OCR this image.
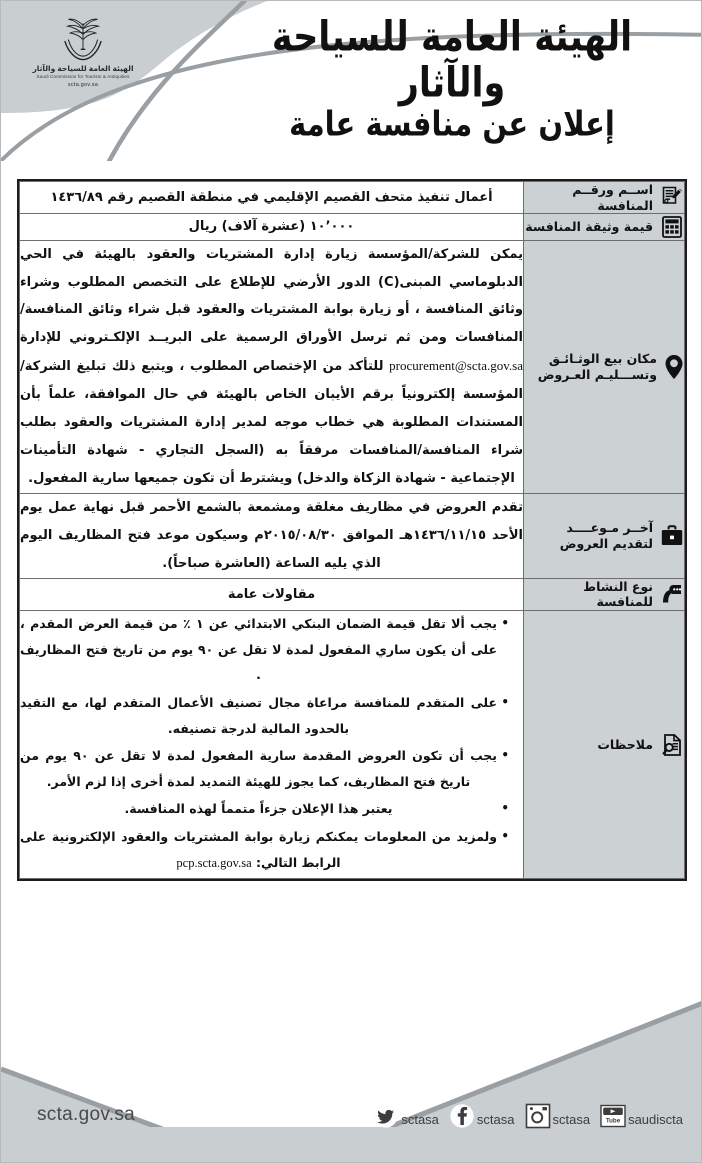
الهيئة العامة للسياحة والآثار
Saudi Commission for Tourism & Antiquities
scta.gov.sa
الهيئة العامة للسياحة والآثار
إعلان عن منافسة عامة
اســم ورقــم المنافسة	أعمال تنفيذ متحف القصيم الإقليمي في منطقة القصيم رقم ١٤٣٦/٨٩

قيمة وثيقة المنافسة	١٠٬٠٠٠ (عشرة آلاف) ريال

مكان بيع الوثـائـق وتســـليـم العـروض	يمكن للشركة/المؤسسة زيارة إدارة المشتريات والعقود بالهيئة في الحي الدبلوماسي المبنى(C) الدور الأرضي للإطلاع على التخصص المطلوب وشراء وثائق المنافسة ، أو زيارة بوابة المشتريات والعقود قبل شراء وثائق المنافسة/المنافسات ومن ثم ترسل الأوراق الرسمية على البريــد الإلكـتروني للإدارة procurement@scta.gov.sa للتأكد من الإختصاص المطلوب ، ويتبع ذلك تبليغ الشركة/المؤسسة إلكترونياً برقم الأيبان الخاص بالهيئة في حال الموافقة، علماً بأن المستندات المطلوبة هي خطاب موجه لمدير إدارة المشتريات والعقود بطلب شراء المنافسة/المنافسات مرفقاً به (السجل التجاري - شهادة التأمينات الإجتماعية - شهادة الزكاة والدخل) ويشترط أن تكون جميعها سارية المفعول.

آخــر مـوعــــد لتقديم العروض	تقدم العروض في مظاريف مغلقة ومشمعة بالشمع الأحمر قبل نهاية عمل يوم الأحد ١٤٣٦/١١/١٥هـ الموافق ٢٠١٥/٠٨/٣٠م وسيكون موعد فتح المظاريف اليوم الذي يليه الساعة (العاشرة صباحاً).

نوع النشاط للمنافسة	مقاولات عامة

ملاحظات

• يجب ألا تقل قيمة الضمان البنكي الابتدائي عن ١ ٪ من قيمة العرض المقدم ، على أن يكون ساري المفعول لمدة لا تقل عن ٩٠ يوم من تاريخ فتح المظاريف .
• على المتقدم للمنافسة مراعاة مجال تصنيف الأعمال المتقدم لها، مع التقيد بالحدود المالية لدرجة تصنيفه.
• يجب أن تكون العروض المقدمة سارية المفعول لمدة لا تقل عن ٩٠ يوم من تاريخ فتح المظاريف، كما يجوز للهيئة التمديد لمدة أخرى إذا لزم الأمر.
• يعتبر هذا الإعلان جزءاً متمماً لهذه المنافسة.
• ولمزيد من المعلومات يمكنكم زيارة بوابة المشتريات والعقود الإلكترونية على الرابط التالي: pcp.scta.gov.sa
scta.gov.sa	Tube saudiscta
sctasa
sctasa
sctasa
